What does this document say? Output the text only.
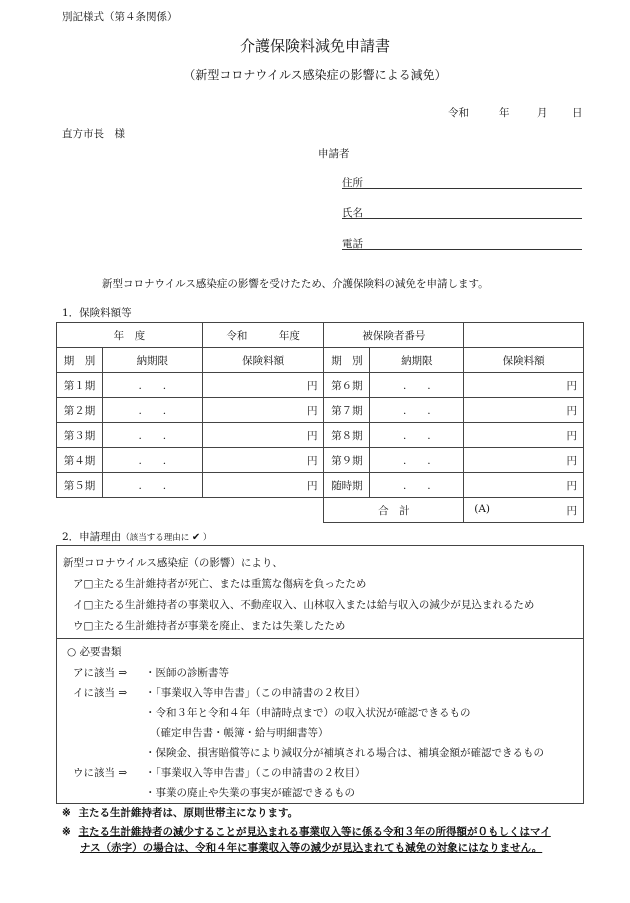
別記様式（第４条関係）
介護保険料減免申請書
（新型コロナウイルス感染症の影響による減免）
令和	年	月 日
直方市長　様
申請者
住所
氏名
電話
新型コロナウイルス感染症の影響を受けたため、介護保険料の減免を申請します。
1．保険料額等
年　度		令和　　　年度	被保険者番号		
期　別	納期限	保険料額	期　別	納期限	保険料額
第１期	.　　.	円	第６期	.　　.	円
第２期	.　　.	円	第７期	.　　.	円
第３期	.　　.	円	第８期	.　　.	円
第４期	.　　.	円	第９期	.　　.	円
第５期	.　　.	円	随時期	.　　.	円
			合　計		(A) 円
2．申請理由（該当する理由に ✔ ）
新型コロナウイルス感染症（の影響）により、
ア□主たる生計維持者が死亡、または重篤な傷病を負ったため
イ□主たる生計維持者の事業収入、不動産収入、山林収入または給与収入の減少が見込まれるため
ウ□主たる生計維持者が事業を廃止、または失業したため
○ 必要書類
アに該当 ⇒ ・医師の診断書等
イに該当 ⇒ ・「事業収入等申告書」（この申請書の２枚目）
・令和３年と令和４年（申請時点まで）の収入状況が確認できるもの
（確定申告書・帳簿・給与明細書等）
・保険金、損害賠償等により減収分が補填される場合は、補填金額が確認できるもの
ウに該当 ⇒ ・「事業収入等申告書」（この申請書の２枚目）
・事業の廃止や失業の事実が確認できるもの
※ 主たる生計維持者は、原則世帯主になります。
※ 主たる生計維持者の減少することが見込まれる事業収入等に係る令和３年の所得額が０もしくはマイ
ナス（赤字）の場合は、令和４年に事業収入等の減少が見込まれても減免の対象にはなりません。
